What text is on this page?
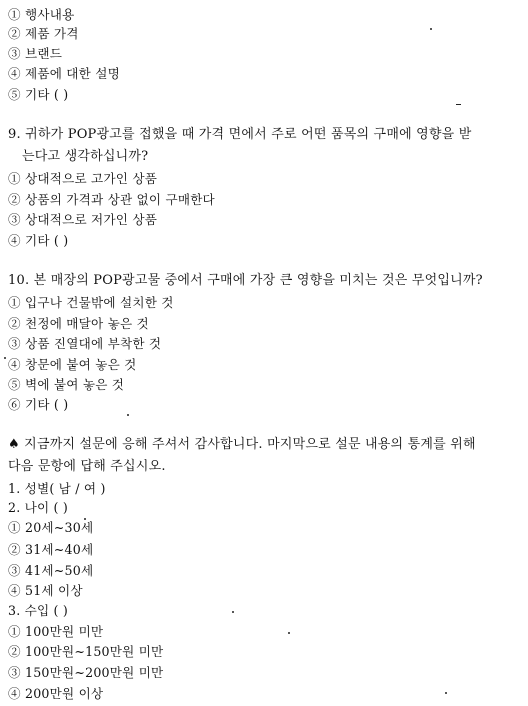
① 행사내용
② 제품 가격
③ 브랜드
④ 제품에 대한 설명
⑤ 기타 ( )
9. 귀하가 POP광고를 접했을 때 가격 면에서 주로 어떤 품목의 구매에 영향을 받
는다고 생각하십니까?
① 상대적으로 고가인 상품
② 상품의 가격과 상관 없이 구매한다
③ 상대적으로 저가인 상품
④ 기타 ( )
10. 본 매장의 POP광고물 중에서 구매에 가장 큰 영향을 미치는 것은 무엇입니까?
① 입구나 건물밖에 설치한 것
② 천정에 매달아 놓은 것
③ 상품 진열대에 부착한 것
④ 창문에 붙여 놓은 것
⑤ 벽에 붙여 놓은 것
⑥ 기타 ( )
♠ 지금까지 설문에 응해 주셔서 감사합니다. 마지막으로 설문 내용의 통계를 위해
다음 문항에 답해 주십시오.
1. 성별( 남 / 여 )
2. 나이 ( )
① 20세~30세
② 31세~40세
③ 41세~50세
④ 51세 이상
3. 수입 ( )
① 100만원 미만
② 100만원~150만원 미만
③ 150만원~200만원 미만
④ 200만원 이상
